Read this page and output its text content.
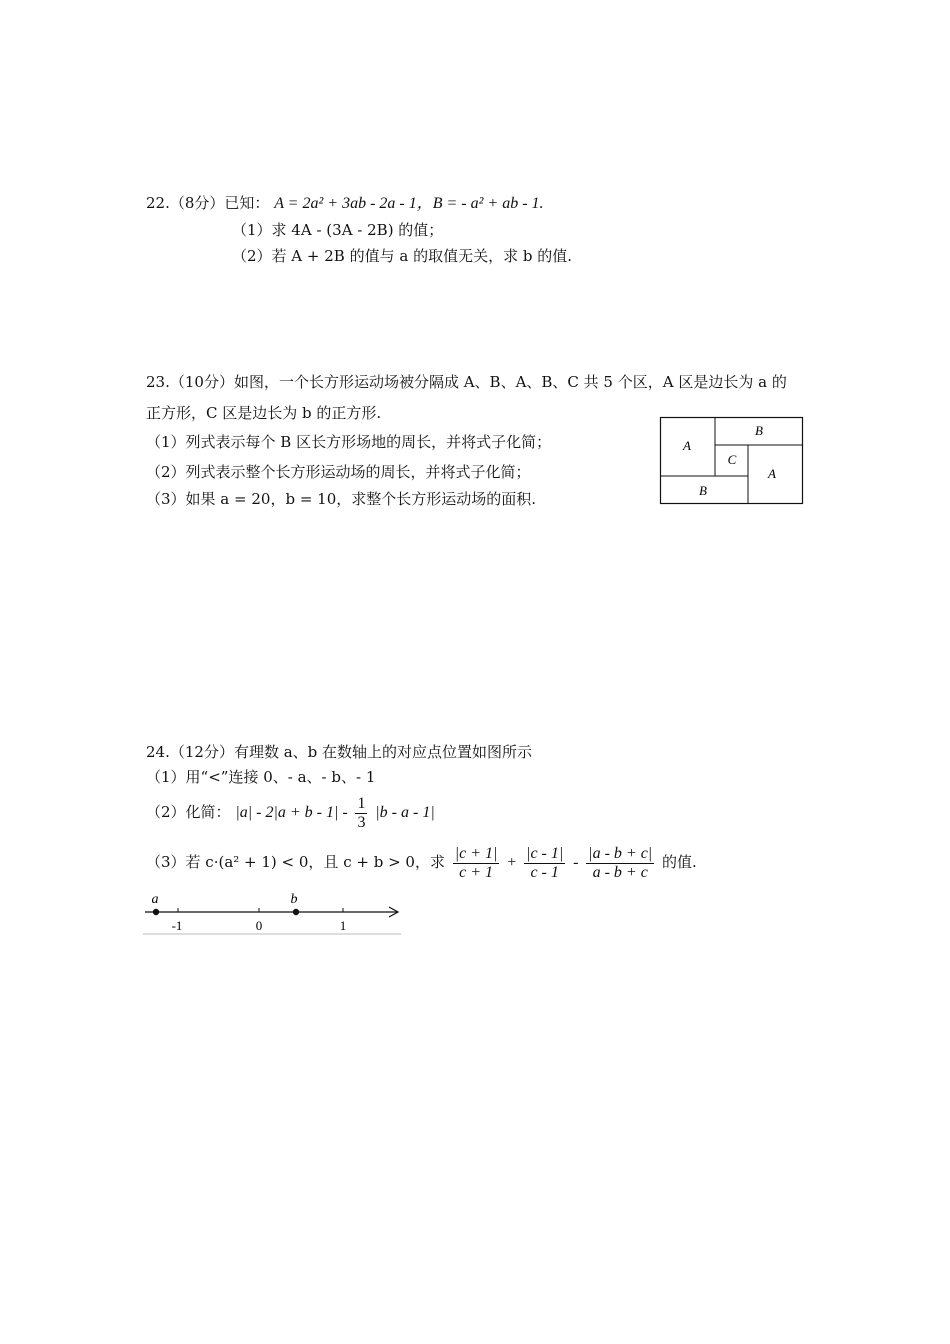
22.（8分）已知： A = 2a² + 3ab - 2a - 1，B = - a² + ab - 1.
（1）求 4A - (3A - 2B) 的值；
（2）若 A + 2B 的值与 a 的取值无关，求 b 的值.
23.（10分）如图，一个长方形运动场被分隔成 A、B、A、B、C 共 5 个区，A 区是边长为 a 的
正方形，C 区是边长为 b 的正方形.
（1）列式表示每个 B 区长方形场地的周长，并将式子化简；
（2）列式表示整个长方形运动场的周长，并将式子化简；
（3）如果 a = 20，b = 10，求整个长方形运动场的面积.
A
B
C
A
B
24.（12分）有理数 a、b 在数轴上的对应点位置如图所示
（1）用“<”连接 0、- a、- b、- 1
（2）化简： $|a| - 2|a + b - 1| - \frac{1}{3} |b - a - 1|$
（3）若 c·(a² + 1) < 0，且 c + b > 0，求 $\frac{|c + 1|}{c + 1} + \frac{|c - 1|}{c - 1} - \frac{|a - b + c|}{a - b + c}$ 的值.
a	b
-1	0	1
